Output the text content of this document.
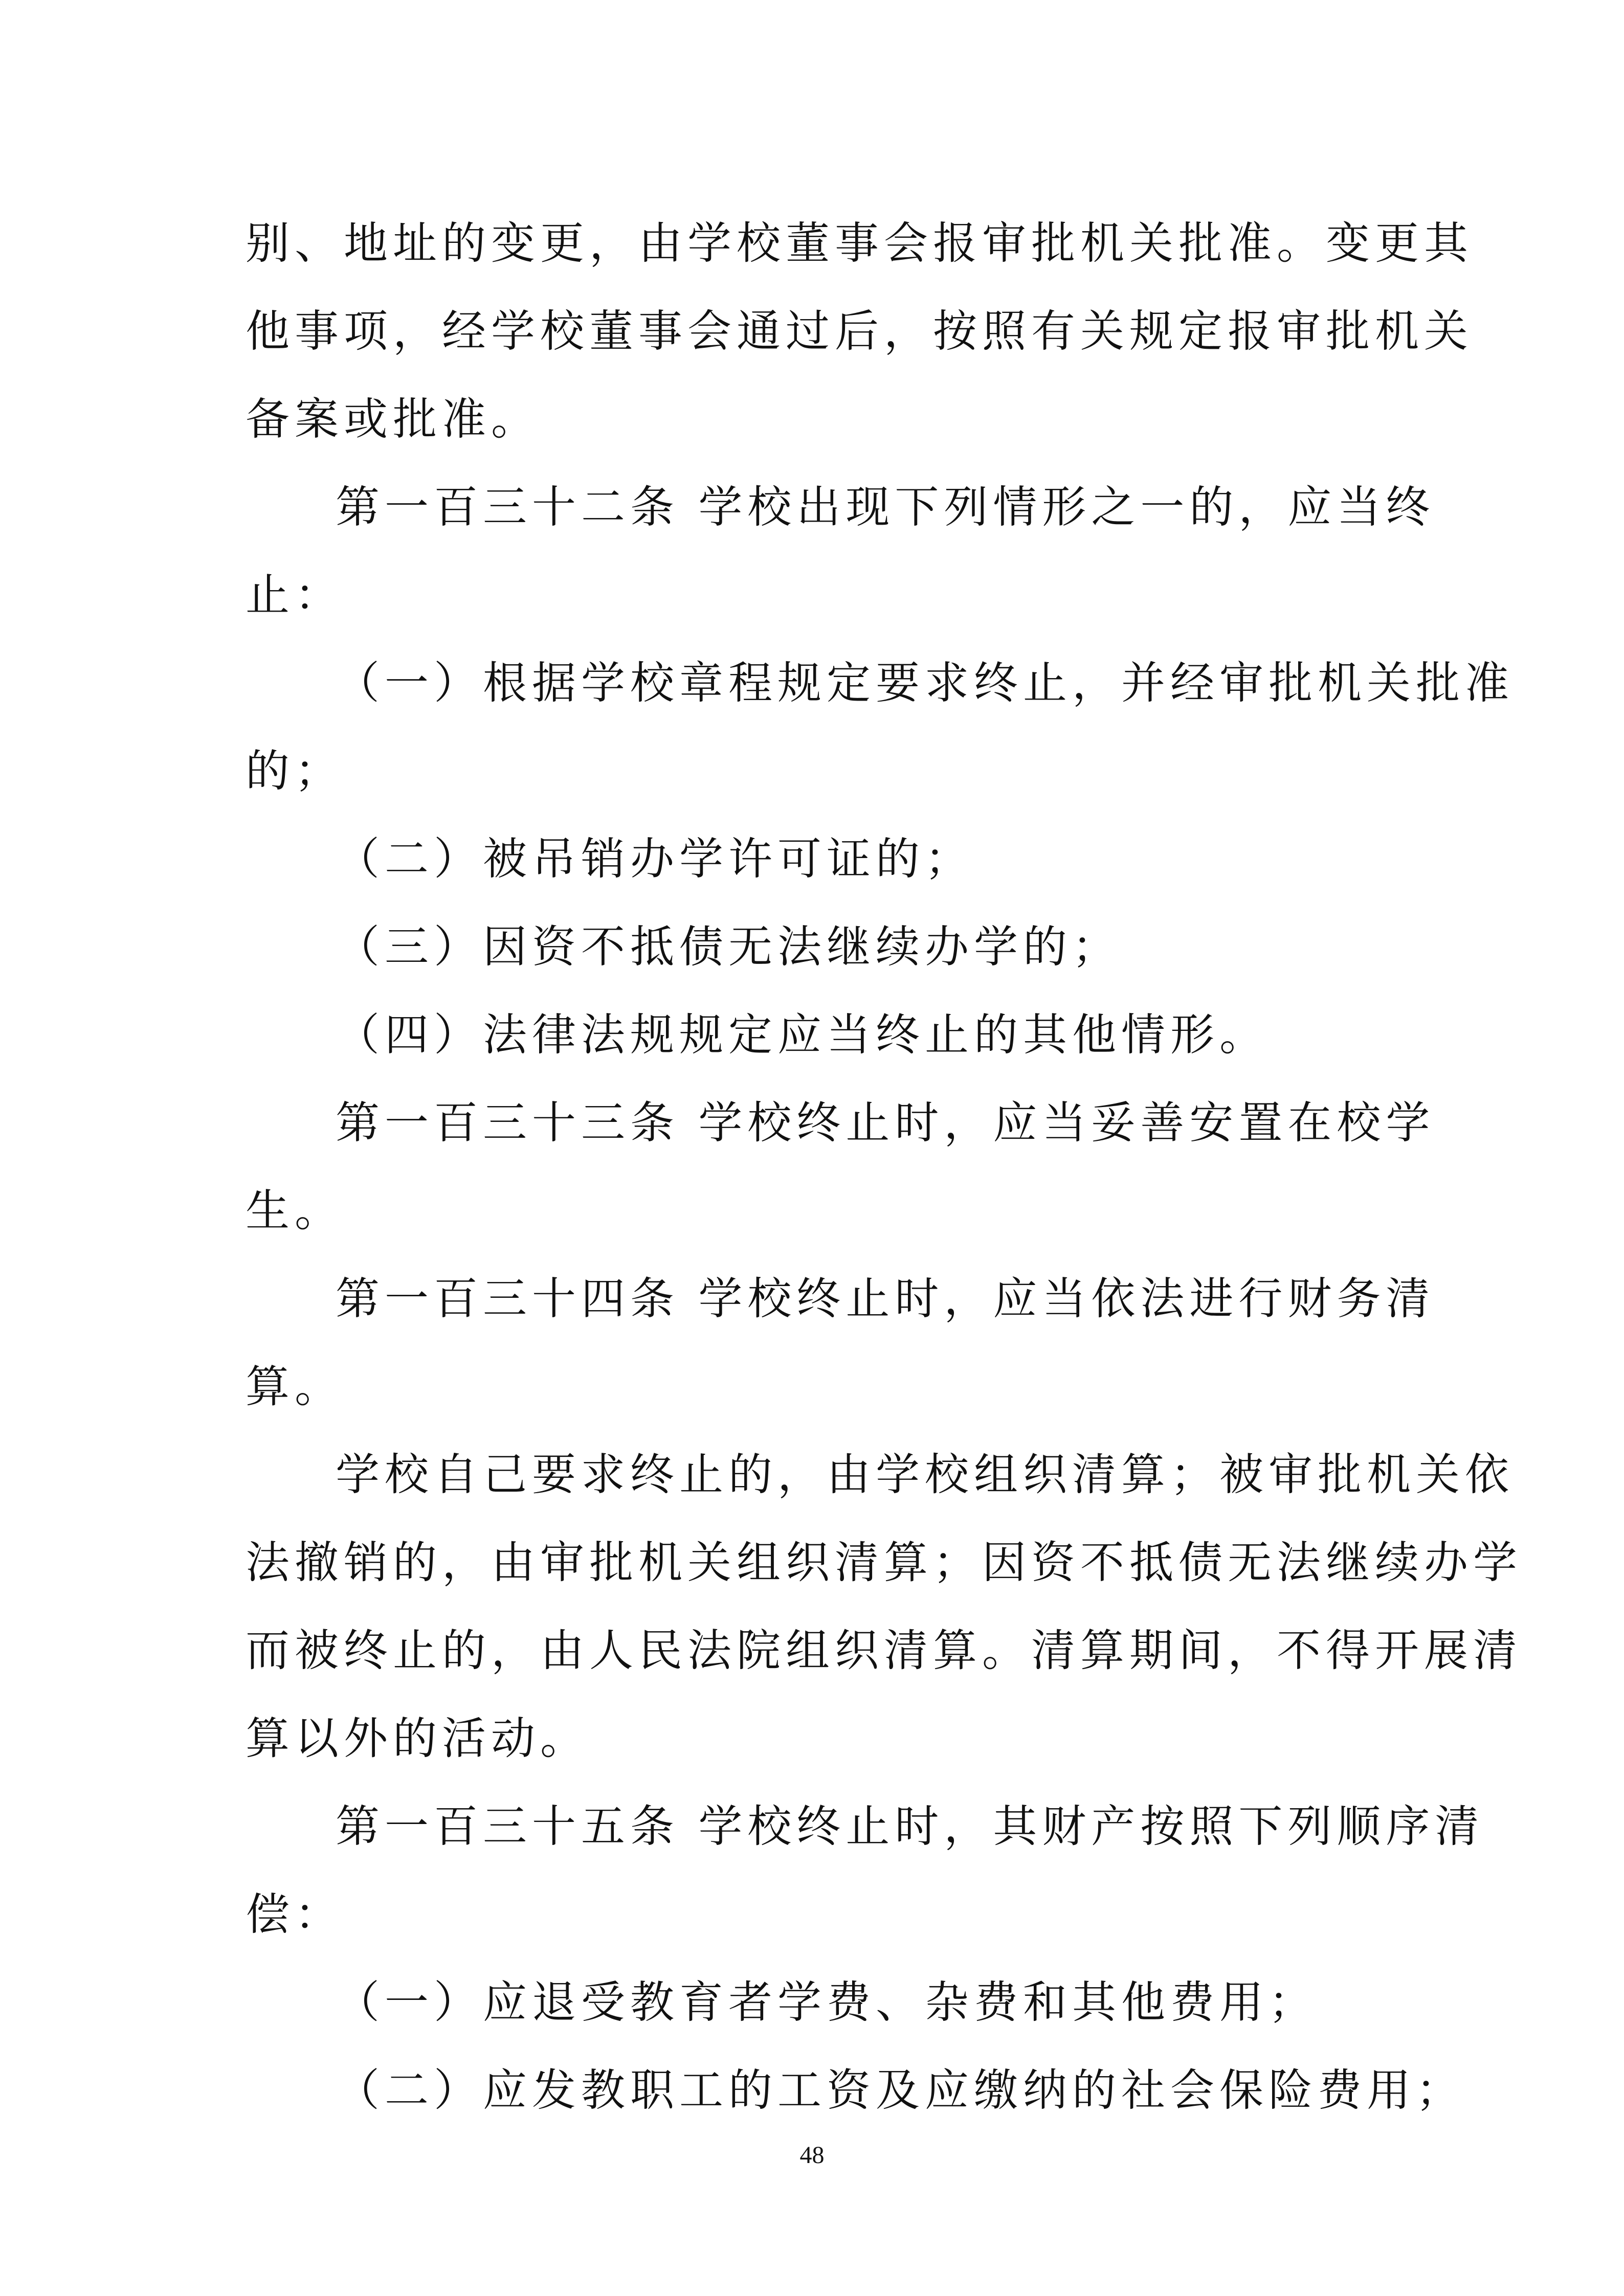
别、地址的变更，由学校董事会报审批机关批准。变更其
他事项，经学校董事会通过后，按照有关规定报审批机关
备案或批准。
第一百三十二条 学校出现下列情形之一的，应当终
止：
（一）根据学校章程规定要求终止，并经审批机关批准
的；
（二）被吊销办学许可证的；
（三）因资不抵债无法继续办学的；
（四）法律法规规定应当终止的其他情形。
第一百三十三条 学校终止时，应当妥善安置在校学
生。
第一百三十四条 学校终止时，应当依法进行财务清
算。
学校自己要求终止的，由学校组织清算；被审批机关依
法撤销的，由审批机关组织清算；因资不抵债无法继续办学
而被终止的，由人民法院组织清算。清算期间，不得开展清
算以外的活动。
第一百三十五条 学校终止时，其财产按照下列顺序清
偿：
（一）应退受教育者学费、杂费和其他费用；
（二）应发教职工的工资及应缴纳的社会保险费用；
48
